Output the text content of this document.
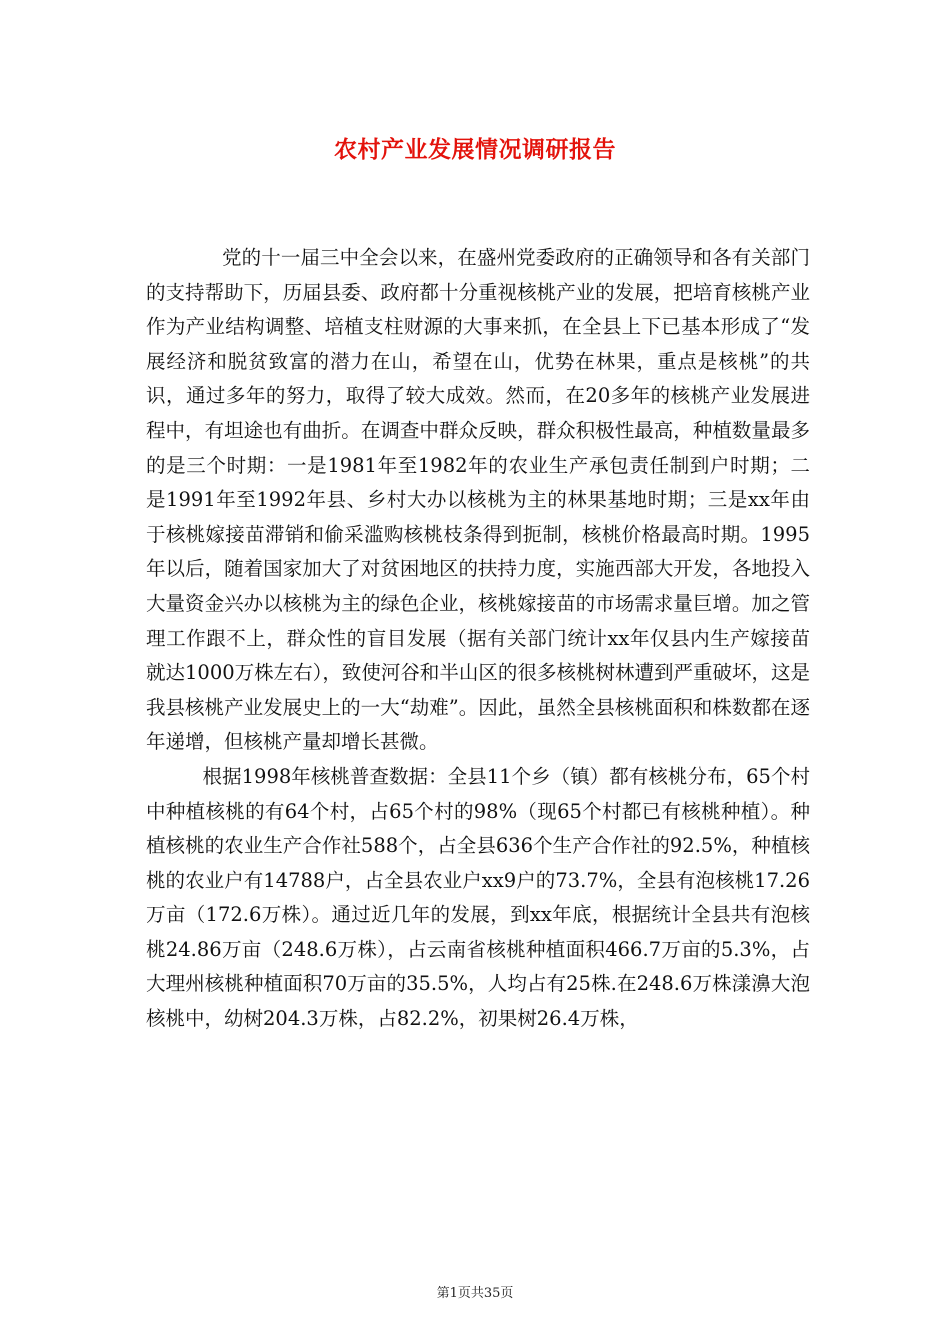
农村产业发展情况调研报告

党的十一届三中全会以来，在盛州党委政府的正确领导和各有关部门的支持帮助下，历届县委、政府都十分重视核桃产业的发展，把培育核桃产业作为产业结构调整、培植支柱财源的大事来抓，在全县上下已基本形成了“发展经济和脱贫致富的潜力在山，希望在山，优势在林果，重点是核桃”的共识，通过多年的努力，取得了较大成效。然而，在20多年的核桃产业发展进程中，有坦途也有曲折。在调查中群众反映，群众积极性最高，种植数量最多的是三个时期：一是1981年至1982年的农业生产承包责任制到户时期；二是1991年至1992年县、乡村大办以核桃为主的林果基地时期；三是xx年由于核桃嫁接苗滞销和偷采滥购核桃枝条得到扼制，核桃价格最高时期。1995年以后，随着国家加大了对贫困地区的扶持力度，实施西部大开发，各地投入大量资金兴办以核桃为主的绿色企业，核桃嫁接苗的市场需求量巨增。加之管理工作跟不上，群众性的盲目发展（据有关部门统计xx年仅县内生产嫁接苗就达1000万株左右），致使河谷和半山区的很多核桃树林遭到严重破坏，这是我县核桃产业发展史上的一大“劫难”。因此，虽然全县核桃面积和株数都在逐年递增，但核桃产量却增长甚微。

根据1998年核桃普查数据：全县11个乡（镇）都有核桃分布，65个村中种植核桃的有64个村，占65个村的98%（现65个村都已有核桃种植）。种植核桃的农业生产合作社588个，占全县636个生产合作社的92.5%，种植核桃的农业户有14788户，占全县农业户xx9户的73.7%，全县有泡核桃17.26万亩（172.6万株）。通过近几年的发展，到xx年底，根据统计全县共有泡核桃24.86万亩（248.6万株），占云南省核桃种植面积466.7万亩的5.3%，占大理州核桃种植面积70万亩的35.5%，人均占有25株.在248.6万株漾濞大泡核桃中，幼树204.3万株，占82.2%，初果树26.4万株，

第1页共35页
